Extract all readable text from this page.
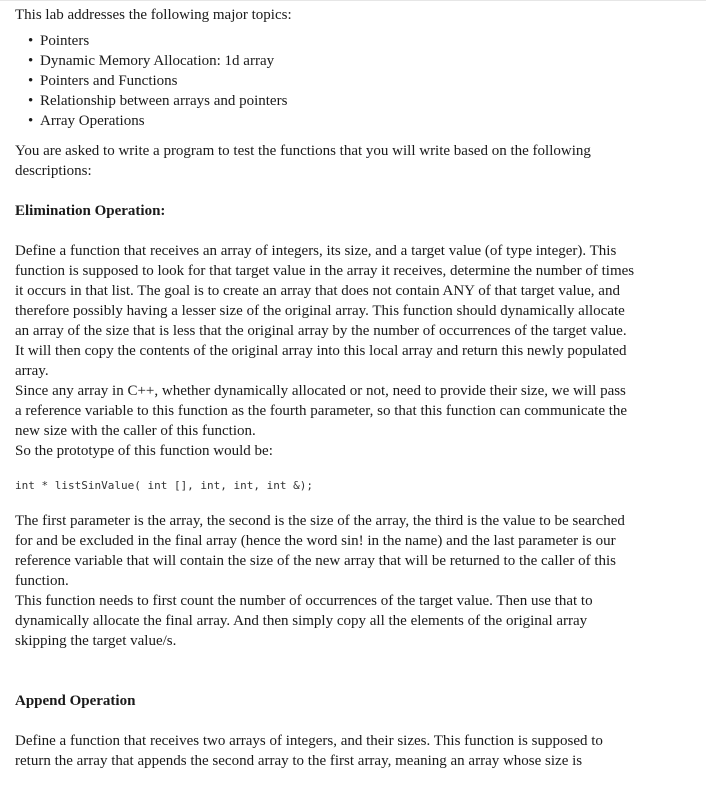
This lab addresses the following major topics:

• Pointers
• Dynamic Memory Allocation: 1d array
• Pointers and Functions
• Relationship between arrays and pointers
• Array Operations

You are asked to write a program to test the functions that you will write based on the following descriptions:

Elimination Operation:

Define a function that receives an array of integers, its size, and a target value (of type integer). This function is supposed to look for that target value in the array it receives, determine the number of times it occurs in that list. The goal is to create an array that does not contain ANY of that target value, and therefore possibly having a lesser size of the original array. This function should dynamically allocate an array of the size that is less that the original array by the number of occurrences of the target value. It will then copy the contents of the original array into this local array and return this newly populated array.

Since any array in C++, whether dynamically allocated or not, need to provide their size, we will pass a reference variable to this function as the fourth parameter, so that this function can communicate the new size with the caller of this function.

So the prototype of this function would be:

int * listSinValue( int [], int, int, int &);

The first parameter is the array, the second is the size of the array, the third is the value to be searched for and be excluded in the final array (hence the word sin! in the name) and the last parameter is our reference variable that will contain the size of the new array that will be returned to the caller of this function.

This function needs to first count the number of occurrences of the target value. Then use that to dynamically allocate the final array. And then simply copy all the elements of the original array skipping the target value/s.

Append Operation

Define a function that receives two arrays of integers, and their sizes. This function is supposed to return the array that appends the second array to the first array, meaning an array whose size is
